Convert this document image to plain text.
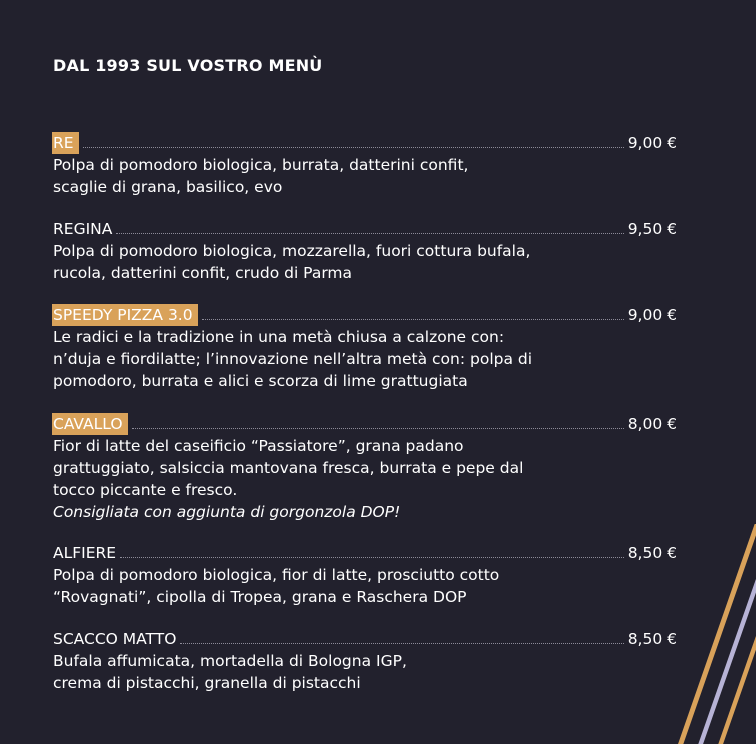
DAL 1993 SUL VOSTRO MENÙ
RE	9,00 €

Polpa di pomodoro biologica, burrata, datterini confit,

scaglie di grana, basilico, evo

REGINA	9,50 €

Polpa di pomodoro biologica, mozzarella, fuori cottura bufala,

rucola, datterini confit, crudo di Parma

SPEEDY PIZZA 3.0	9,00 €

Le radici e la tradizione in una metà chiusa a calzone con:

n’duja e fiordilatte; l’innovazione nell’altra metà con: polpa di

pomodoro, burrata e alici e scorza di lime grattugiata

CAVALLO	8,00 €

Fior di latte del caseificio “Passiatore”, grana padano

grattuggiato, salsiccia mantovana fresca, burrata e pepe dal

tocco piccante e fresco.

Consigliata con aggiunta di gorgonzola DOP!

ALFIERE	8,50 €

Polpa di pomodoro biologica, fior di latte, prosciutto cotto

“Rovagnati”, cipolla di Tropea, grana e Raschera DOP

SCACCO MATTO	8,50 €

Bufala affumicata, mortadella di Bologna IGP,

crema di pistacchi, granella di pistacchi
